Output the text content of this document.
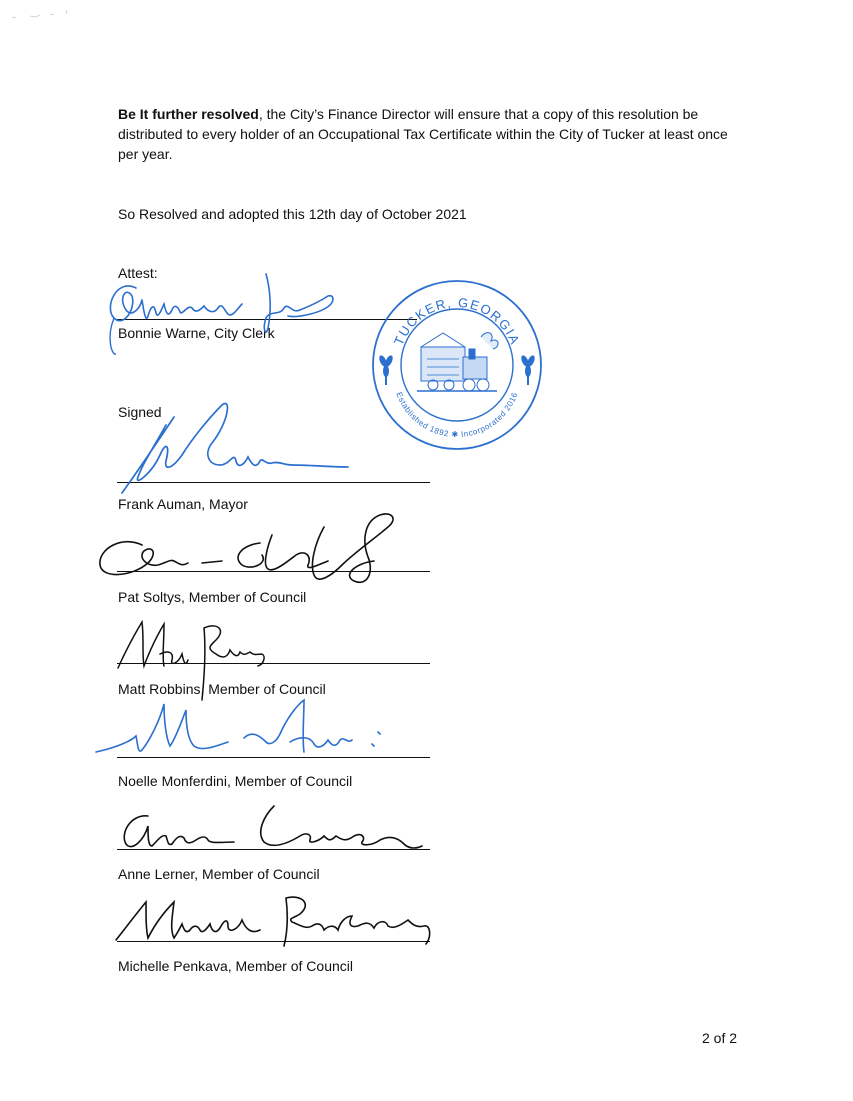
Be It further resolved, the City’s Finance Director will ensure that a copy of this resolution be distributed to every holder of an Occupational Tax Certificate within the City of Tucker at least once per year.
So Resolved and adopted this 12th day of October 2021
Attest:
Bonnie Warne, City Clerk	TUCKER, GEORGIA
Established 1892 ✱ Incorporated 2016
Signed
Frank Auman, Mayor
Pat Soltys, Member of Council
Matt Robbins, Member of Council
Noelle Monferdini, Member of Council
Anne Lerner, Member of Council
Michelle Penkava, Member of Council
2 of 2
